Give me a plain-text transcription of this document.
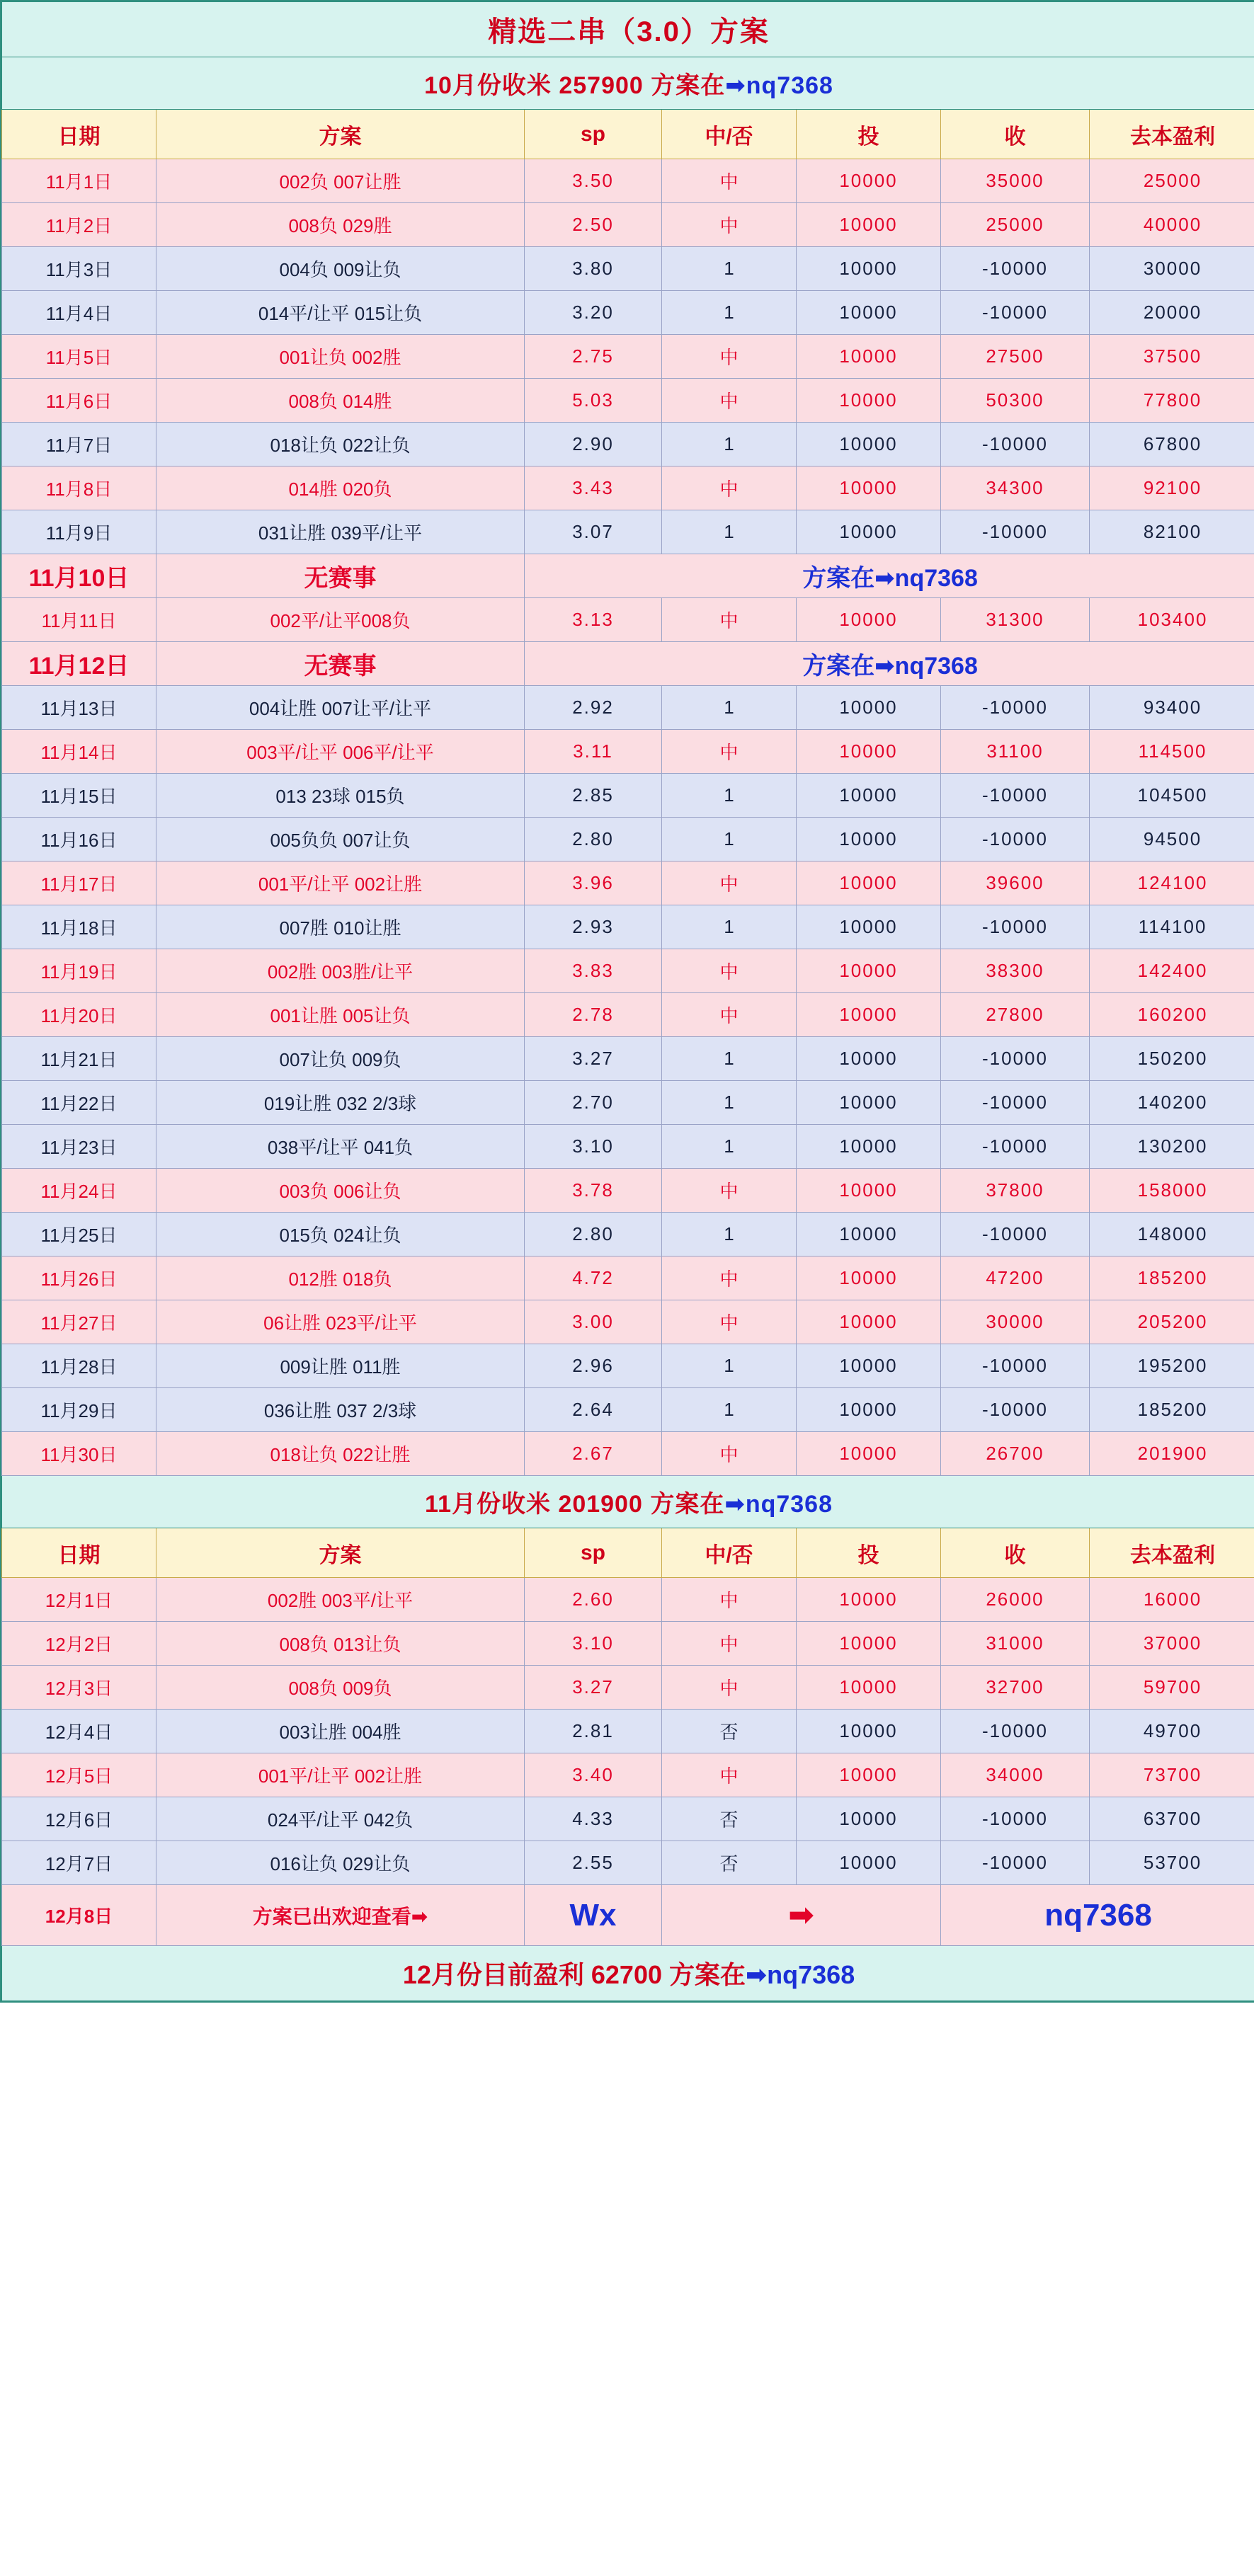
精选二串（3.0）方案						
10月份收米 257900 方案在➡nq7368						
日期	方案	sp	中/否	投	收	去本盈利
11月1日	002负 007让胜	3.50	中	10000	35000	25000
11月2日	008负 029胜	2.50	中	10000	25000	40000
11月3日	004负 009让负	3.80	1	10000	-10000	30000
11月4日	014平/让平 015让负	3.20	1	10000	-10000	20000
11月5日	001让负 002胜	2.75	中	10000	27500	37500
11月6日	008负 014胜	5.03	中	10000	50300	77800
11月7日	018让负 022让负	2.90	1	10000	-10000	67800
11月8日	014胜 020负	3.43	中	10000	34300	92100
11月9日	031让胜 039平/让平	3.07	1	10000	-10000	82100
11月10日	无赛事	方案在➡nq7368				
11月11日	002平/让平008负	3.13	中	10000	31300	103400
11月12日	无赛事	方案在➡nq7368				
11月13日	004让胜 007让平/让平	2.92	1	10000	-10000	93400
11月14日	003平/让平 006平/让平	3.11	中	10000	31100	114500
11月15日	013 23球 015负	2.85	1	10000	-10000	104500
11月16日	005负负 007让负	2.80	1	10000	-10000	94500
11月17日	001平/让平 002让胜	3.96	中	10000	39600	124100
11月18日	007胜 010让胜	2.93	1	10000	-10000	114100
11月19日	002胜 003胜/让平	3.83	中	10000	38300	142400
11月20日	001让胜 005让负	2.78	中	10000	27800	160200
11月21日	007让负 009负	3.27	1	10000	-10000	150200
11月22日	019让胜 032 2/3球	2.70	1	10000	-10000	140200
11月23日	038平/让平 041负	3.10	1	10000	-10000	130200
11月24日	003负 006让负	3.78	中	10000	37800	158000
11月25日	015负 024让负	2.80	1	10000	-10000	148000
11月26日	012胜 018负	4.72	中	10000	47200	185200
11月27日	06让胜 023平/让平	3.00	中	10000	30000	205200
11月28日	009让胜 011胜	2.96	1	10000	-10000	195200
11月29日	036让胜 037 2/3球	2.64	1	10000	-10000	185200
11月30日	018让负 022让胜	2.67	中	10000	26700	201900
11月份收米 201900 方案在➡nq7368						
日期	方案	sp	中/否	投	收	去本盈利
12月1日	002胜 003平/让平	2.60	中	10000	26000	16000
12月2日	008负 013让负	3.10	中	10000	31000	37000
12月3日	008负 009负	3.27	中	10000	32700	59700
12月4日	003让胜 004胜	2.81	否	10000	-10000	49700
12月5日	001平/让平 002让胜	3.40	中	10000	34000	73700
12月6日	024平/让平 042负	4.33	否	10000	-10000	63700
12月7日	016让负 029让负	2.55	否	10000	-10000	53700
12月8日	方案已出欢迎查看➡	Wx	➡		nq7368	
12月份目前盈利 62700 方案在➡nq7368						
